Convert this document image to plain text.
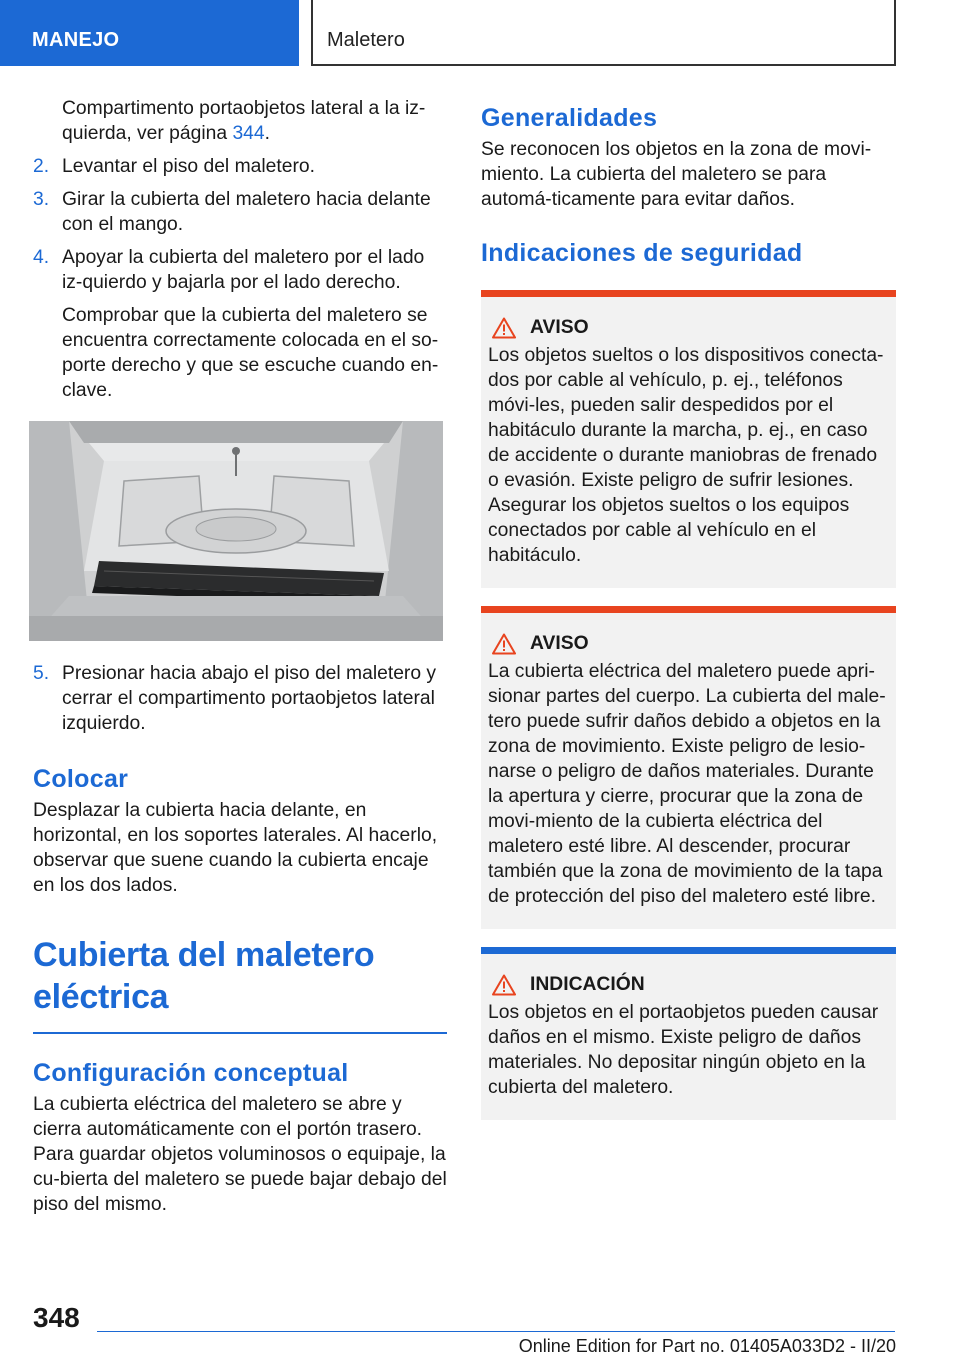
MANEJO	Maletero

Compartimento portaobjetos lateral a la iz-
quierda, ver página 344.

2. Levantar el piso del maletero.
3. Girar la cubierta del maletero hacia delante con el mango.
4. Apoyar la cubierta del maletero por el lado iz-quierdo y bajarla por el lado derecho.

Comprobar que la cubierta del maletero se encuentra correctamente colocada en el so-porte derecho y que se escuche cuando en-clave.

5. Presionar hacia abajo el piso del maletero y cerrar el compartimento portaobjetos lateral izquierdo.
Colocar

Desplazar la cubierta hacia delante, en horizontal, en los soportes laterales. Al hacerlo, observar que suene cuando la cubierta encaje en los dos lados.

Cubierta del maletero eléctrica
Configuración conceptual

La cubierta eléctrica del maletero se abre y cierra automáticamente con el portón trasero. Para guardar objetos voluminosos o equipaje, la cu-bierta del maletero se puede bajar debajo del piso del mismo.

Generalidades

Se reconocen los objetos en la zona de movi-miento. La cubierta del maletero se para automá-ticamente para evitar daños.

Indicaciones de seguridad
AVISO

Los objetos sueltos o los dispositivos conecta-dos por cable al vehículo, p. ej., teléfonos móvi-les, pueden salir despedidos por el habitáculo durante la marcha, p. ej., en caso de accidente o durante maniobras de frenado o evasión. Existe peligro de sufrir lesiones. Asegurar los objetos sueltos o los equipos conectados por cable al vehículo en el habitáculo.

AVISO

La cubierta eléctrica del maletero puede apri-sionar partes del cuerpo. La cubierta del male-tero puede sufrir daños debido a objetos en la zona de movimiento. Existe peligro de lesio-narse o peligro de daños materiales. Durante la apertura y cierre, procurar que la zona de movi-miento de la cubierta eléctrica del maletero esté libre. Al descender, procurar también que la zona de movimiento de la tapa de protección del piso del maletero esté libre.

INDICACIÓN

Los objetos en el portaobjetos pueden causar daños en el mismo. Existe peligro de daños materiales. No depositar ningún objeto en la cubierta del maletero.

348
Online Edition for Part no. 01405A033D2 - II/20
